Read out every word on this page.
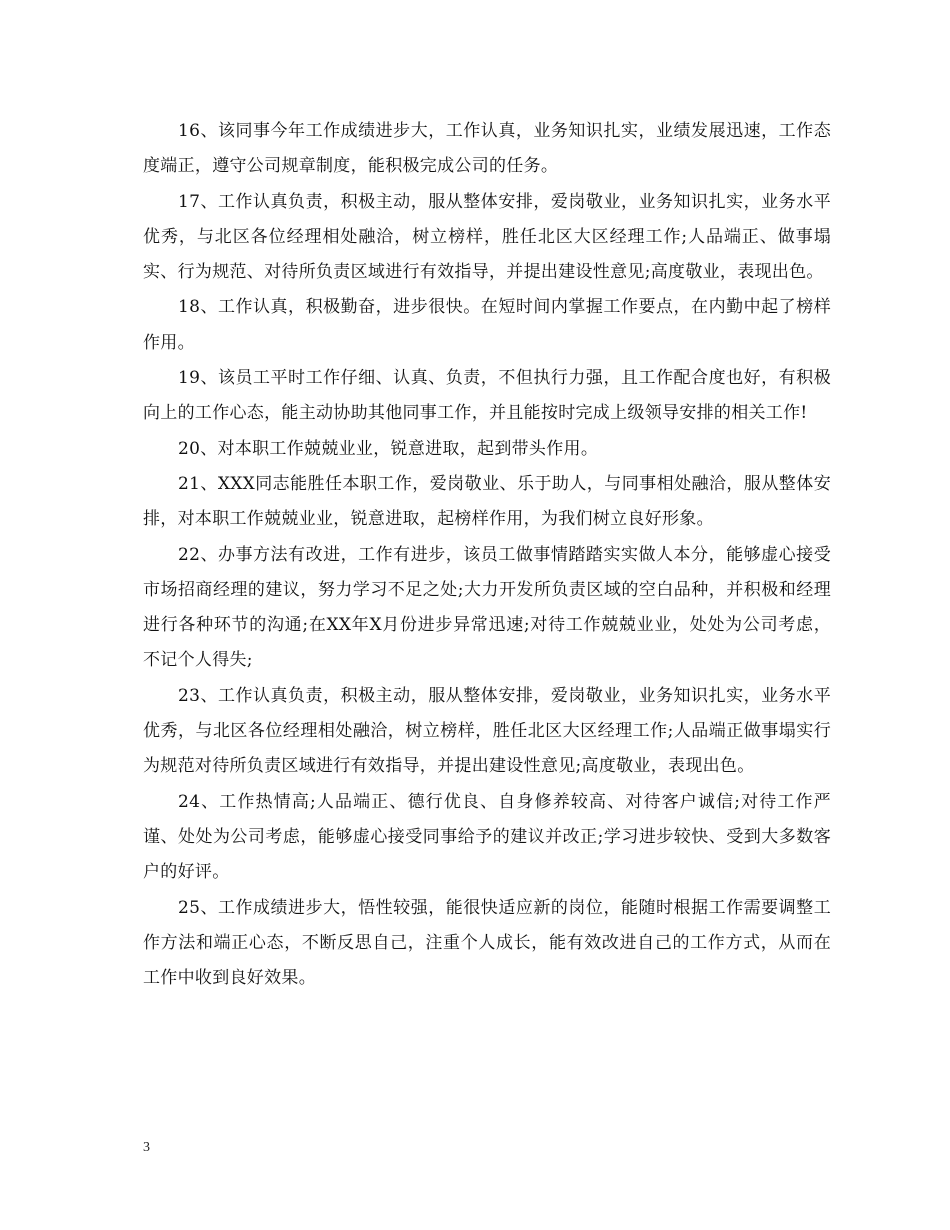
16、该同事今年工作成绩进步大，工作认真，业务知识扎实，业绩发展迅速，工作态度端正，遵守公司规章制度，能积极完成公司的任务。

17、工作认真负责，积极主动，服从整体安排，爱岗敬业，业务知识扎实，业务水平优秀，与北区各位经理相处融洽，树立榜样，胜任北区大区经理工作;人品端正、做事塌实、行为规范、对待所负责区域进行有效指导，并提出建设性意见;高度敬业，表现出色。

18、工作认真，积极勤奋，进步很快。在短时间内掌握工作要点，在内勤中起了榜样作用。

19、该员工平时工作仔细、认真、负责，不但执行力强，且工作配合度也好，有积极向上的工作心态，能主动协助其他同事工作，并且能按时完成上级领导安排的相关工作!

20、对本职工作兢兢业业，锐意进取，起到带头作用。

21、XXX同志能胜任本职工作，爱岗敬业、乐于助人，与同事相处融洽，服从整体安排，对本职工作兢兢业业，锐意进取，起榜样作用，为我们树立良好形象。

22、办事方法有改进，工作有进步，该员工做事情踏踏实实做人本分，能够虚心接受市场招商经理的建议，努力学习不足之处;大力开发所负责区域的空白品种，并积极和经理进行各种环节的沟通;在XX年X月份进步异常迅速;对待工作兢兢业业，处处为公司考虑，不记个人得失;

23、工作认真负责，积极主动，服从整体安排，爱岗敬业，业务知识扎实，业务水平优秀，与北区各位经理相处融洽，树立榜样，胜任北区大区经理工作;人品端正做事塌实行为规范对待所负责区域进行有效指导，并提出建设性意见;高度敬业，表现出色。

24、工作热情高;人品端正、德行优良、自身修养较高、对待客户诚信;对待工作严谨、处处为公司考虑，能够虚心接受同事给予的建议并改正;学习进步较快、受到大多数客户的好评。

25、工作成绩进步大，悟性较强，能很快适应新的岗位，能随时根据工作需要调整工作方法和端正心态，不断反思自己，注重个人成长，能有效改进自己的工作方式，从而在工作中收到良好效果。

3
